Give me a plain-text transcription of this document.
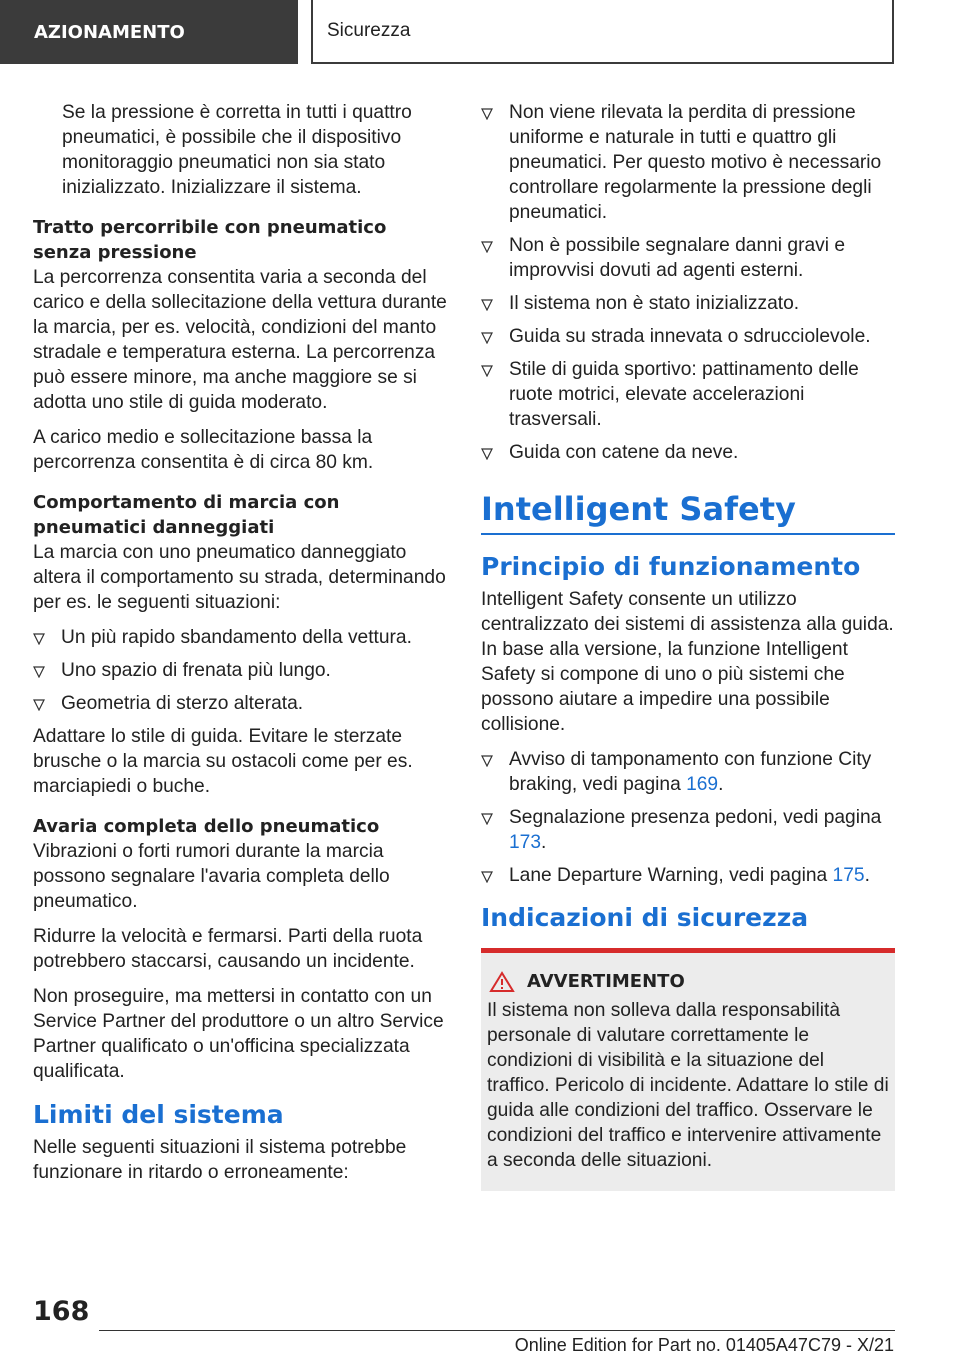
AZIONAMENTO	Sicurezza

Se la pressione è corretta in tutti i quattro pneumatici, è possibile che il dispositivo monitoraggio pneumatici non sia stato inizializzato. Inizializzare il sistema.

Tratto percorribile con pneumatico senza pressione

La percorrenza consentita varia a seconda del carico e della sollecitazione della vettura durante la marcia, per es. velocità, condizioni del manto stradale e temperatura esterna. La percorrenza può essere minore, ma anche maggiore se si adotta uno stile di guida moderato.

A carico medio e sollecitazione bassa la percorrenza consentita è di circa 80 km.

Comportamento di marcia con pneumatici danneggiati

La marcia con uno pneumatico danneggiato altera il comportamento su strada, determinando per es. le seguenti situazioni:

Un più rapido sbandamento della vettura.
Uno spazio di frenata più lungo.
Geometria di sterzo alterata.

Adattare lo stile di guida. Evitare le sterzate brusche o la marcia su ostacoli come per es. marciapiedi o buche.

Avaria completa dello pneumatico

Vibrazioni o forti rumori durante la marcia possono segnalare l'avaria completa dello pneumatico.

Ridurre la velocità e fermarsi. Parti della ruota potrebbero staccarsi, causando un incidente.

Non proseguire, ma mettersi in contatto con un Service Partner del produttore o un altro Service Partner qualificato o un'officina specializzata qualificata.

Limiti del sistema

Nelle seguenti situazioni il sistema potrebbe funzionare in ritardo o erroneamente:

Non viene rilevata la perdita di pressione uniforme e naturale in tutti e quattro gli pneumatici. Per questo motivo è necessario controllare regolarmente la pressione degli pneumatici.
Non è possibile segnalare danni gravi e improvvisi dovuti ad agenti esterni.
Il sistema non è stato inizializzato.
Guida su strada innevata o sdrucciolevole.
Stile di guida sportivo: pattinamento delle ruote motrici, elevate accelerazioni trasversali.
Guida con catene da neve.
Intelligent Safety
Principio di funzionamento

Intelligent Safety consente un utilizzo centralizzato dei sistemi di assistenza alla guida. In base alla versione, la funzione Intelligent Safety si compone di uno o più sistemi che possono aiutare a impedire una possibile collisione.

Avviso di tamponamento con funzione City braking, vedi pagina 169.
Segnalazione presenza pedoni, vedi pagina 173.
Lane Departure Warning, vedi pagina 175.
Indicazioni di sicurezza
AVVERTIMENTO

Il sistema non solleva dalla responsabilità personale di valutare correttamente le condizioni di visibilità e la situazione del traffico. Pericolo di incidente. Adattare lo stile di guida alle condizioni del traffico. Osservare le condizioni del traffico e intervenire attivamente a seconda delle situazioni.

168
Online Edition for Part no. 01405A47C79 - X/21
